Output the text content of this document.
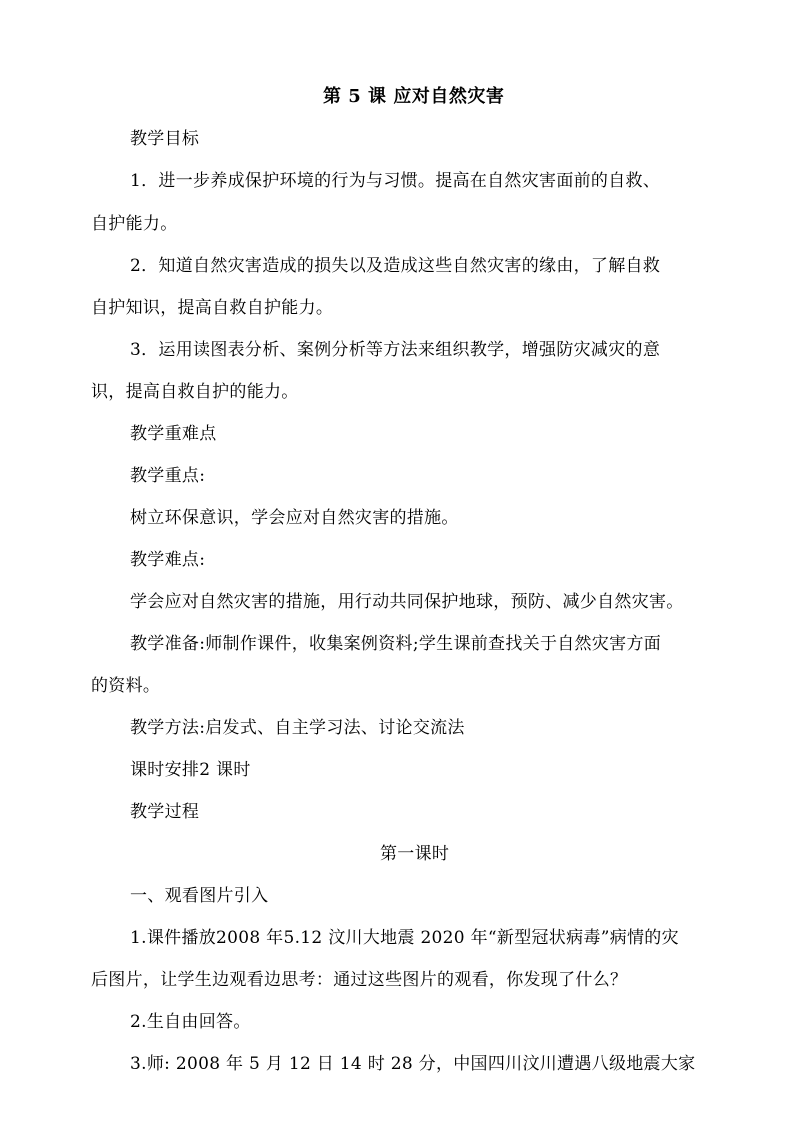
第 5 课 应对自然灾害
教学目标
1．进一步养成保护环境的行为与习惯。提高在自然灾害面前的自救、
自护能力。
2．知道自然灾害造成的损失以及造成这些自然灾害的缘由，了解自救
自护知识，提高自救自护能力。
3．运用读图表分析、案例分析等方法来组织教学，增强防灾减灾的意
识，提高自救自护的能力。
教学重难点
教学重点:
树立环保意识，学会应对自然灾害的措施。
教学难点:
学会应对自然灾害的措施，用行动共同保护地球，预防、减少自然灾害。
教学准备:师制作课件，收集案例资料;学生课前查找关于自然灾害方面
的资料。
教学方法:启发式、自主学习法、讨论交流法
课时安排2 课时
教学过程
第一课时
一、观看图片引入
1.课件播放2008 年5.12 汶川大地震 2020 年“新型冠状病毒”病情的灾
后图片，让学生边观看边思考：通过这些图片的观看，你发现了什么？
2.生自由回答。
3.师: 2008 年 5 月 12 日 14 时 28 分，中国四川汶川遭遇八级地震大家
